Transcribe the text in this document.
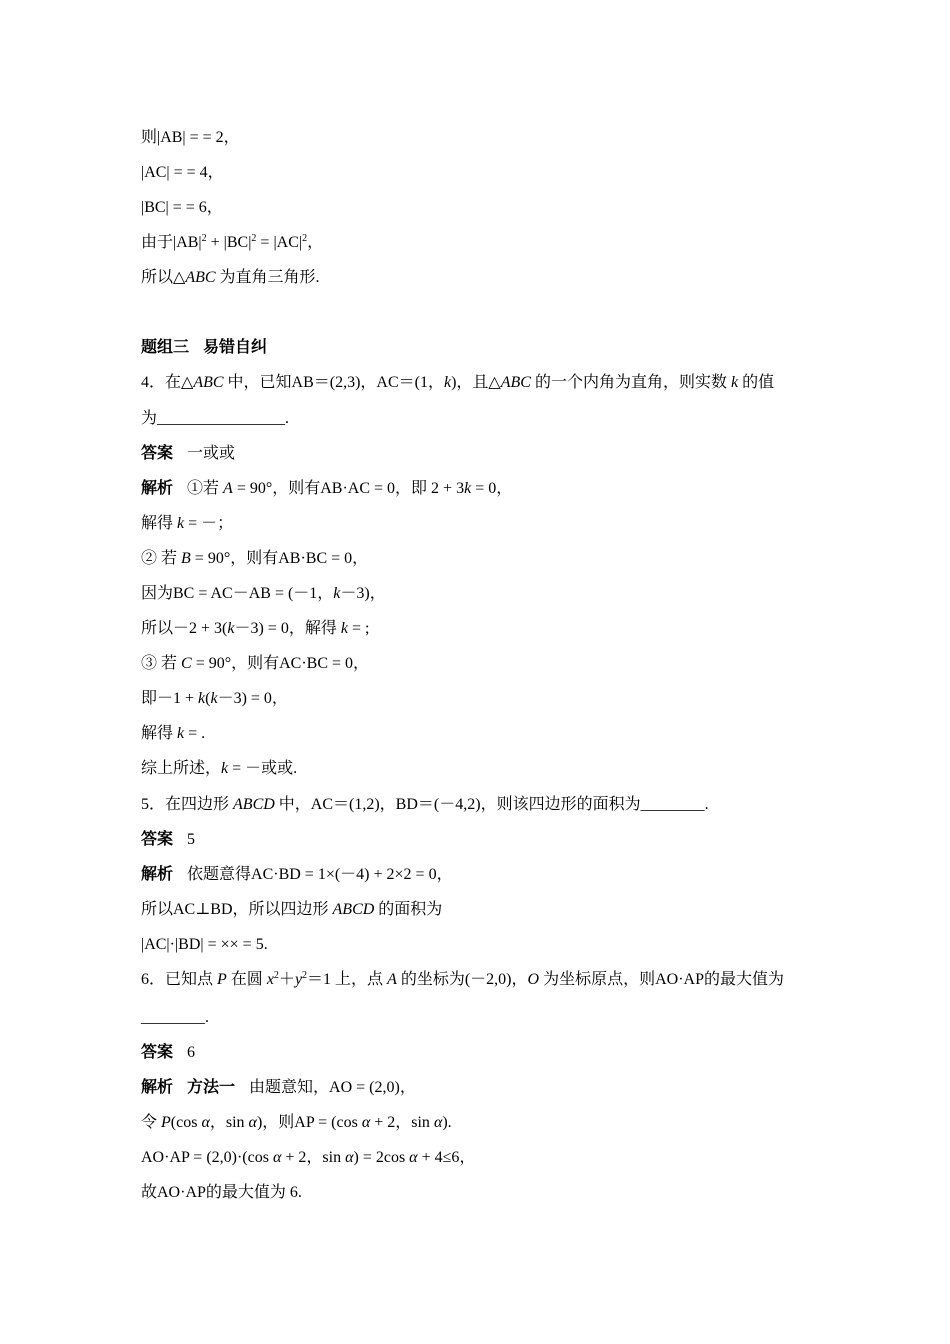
则|AB| = = 2，
|AC| = = 4，
|BC| = = 6，
由于$|AB|^2 + |BC|^2 = |AC|^2$，
所以△ABC 为直角三角形.
题组三 易错自纠
4．在△ABC 中，已知AB＝(2,3)，AC＝(1，k)，且△ABC 的一个内角为直角，则实数 k 的值
为________________.
答案 一或或
解析 ①若 A = 90°，则有AB·AC = 0，即 2 + 3k = 0，
解得 k = －；
② 若 B = 90°，则有AB·BC = 0，
因为BC = AC－AB = (－1，k－3)，
所以－2 + 3(k－3) = 0，解得 k = ;
③ 若 C = 90°，则有AC·BC = 0，
即－1 + k(k－3) = 0，
解得 k = .
综上所述，k = －或或.
5．在四边形 ABCD 中，AC＝(1,2)，BD＝(－4,2)，则该四边形的面积为________.
答案 5
解析 依题意得AC·BD = 1×(－4) + 2×2 = 0，
所以AC⊥BD，所以四边形 ABCD 的面积为
|AC|·|BD| = ×× = 5.
6．已知点 P 在圆 $x^2+y^2=1$ 上，点 A 的坐标为(－2,0)，O 为坐标原点，则AO·AP的最大值为
________.
答案 6
解析 方法一 由题意知，AO = (2,0)，
令 P(cos α，sin α)，则AP = (cos α + 2，sin α).
AO·AP = (2,0)·(cos α + 2，sin α) = 2cos α + 4≤6，
故AO·AP的最大值为 6.
